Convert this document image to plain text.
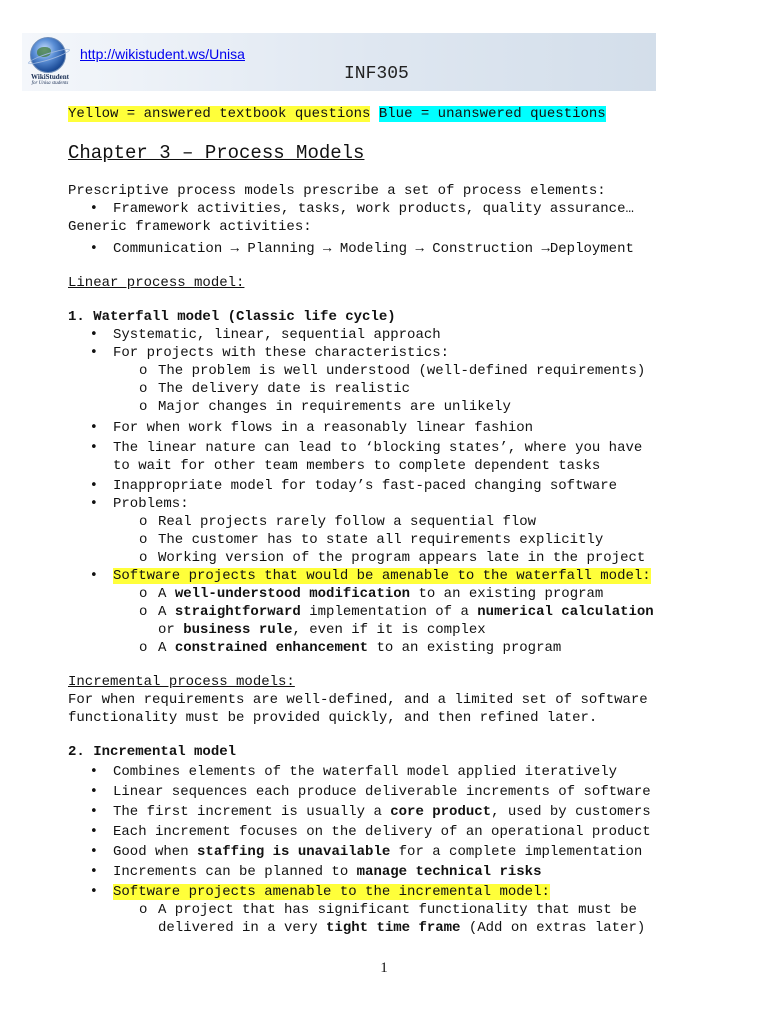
WikiStudent
for Unisa students
http://wikistudent.ws/Unisa
INF305
Yellow = answered textbook questions Blue = unanswered questions
Chapter 3 – Process Models

Prescriptive process models prescribe a set of process elements:

• Framework activities, tasks, work products, quality assurance…

Generic framework activities:

• Communication → Planning → Modeling → Construction →Deployment

Linear process model:

1. Waterfall model (Classic life cycle)

• Systematic, linear, sequential approach
• For projects with these characteristics:
o The problem is well understood (well-defined requirements)
o The delivery date is realistic
o Major changes in requirements are unlikely
• For when work flows in a reasonably linear fashion
• The linear nature can lead to ‘blocking states’, where you have
to wait for other team members to complete dependent tasks
• Inappropriate model for today’s fast-paced changing software
• Problems:
o Real projects rarely follow a sequential flow
o The customer has to state all requirements explicitly
o Working version of the program appears late in the project
• Software projects that would be amenable to the waterfall model:
o A well-understood modification to an existing program
o A straightforward implementation of a numerical calculation
or business rule, even if it is complex
o A constrained enhancement to an existing program

Incremental process models:

For when requirements are well-defined, and a limited set of software

functionality must be provided quickly, and then refined later.

2. Incremental model

• Combines elements of the waterfall model applied iteratively
• Linear sequences each produce deliverable increments of software
• The first increment is usually a core product, used by customers
• Each increment focuses on the delivery of an operational product
• Good when staffing is unavailable for a complete implementation
• Increments can be planned to manage technical risks
• Software projects amenable to the incremental model:
o A project that has significant functionality that must be
delivered in a very tight time frame (Add on extras later)
1
